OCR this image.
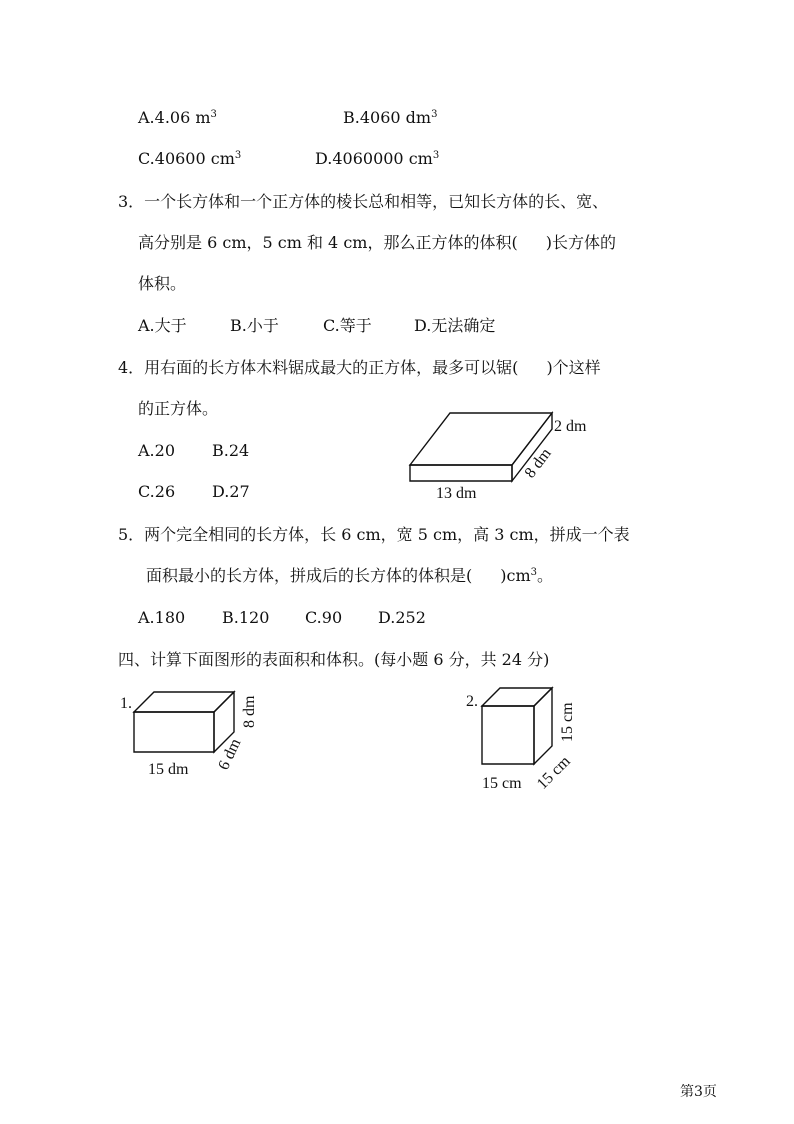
A.4.06 $m^3$	B.4060 $dm^3$
C.40600 $cm^3$	D.4060000 $cm^3$
3．一个长方体和一个正方体的棱长总和相等，已知长方体的长、宽、
高分别是 6 cm，5 cm 和 4 cm，那么正方体的体积( )长方体的
体积。
A.大于	B.小于	C.等于	D.无法确定
4．用右面的长方体木料锯成最大的正方体，最多可以锯( )个这样
的正方体。
A.20 B.24
C.26 D.27
2 dm
8 dm
13 dm
5．两个完全相同的长方体，长 6 cm，宽 5 cm，高 3 cm，拼成一个表
面积最小的长方体，拼成后的长方体的体积是( )$cm^3$。
A.180 B.120 C.90 D.252
四、计算下面图形的表面积和体积。(每小题 6 分，共 24 分)
1.
15 dm 6 dm
8 dm	2.
15 cm 15 cm
15 cm
第3页
